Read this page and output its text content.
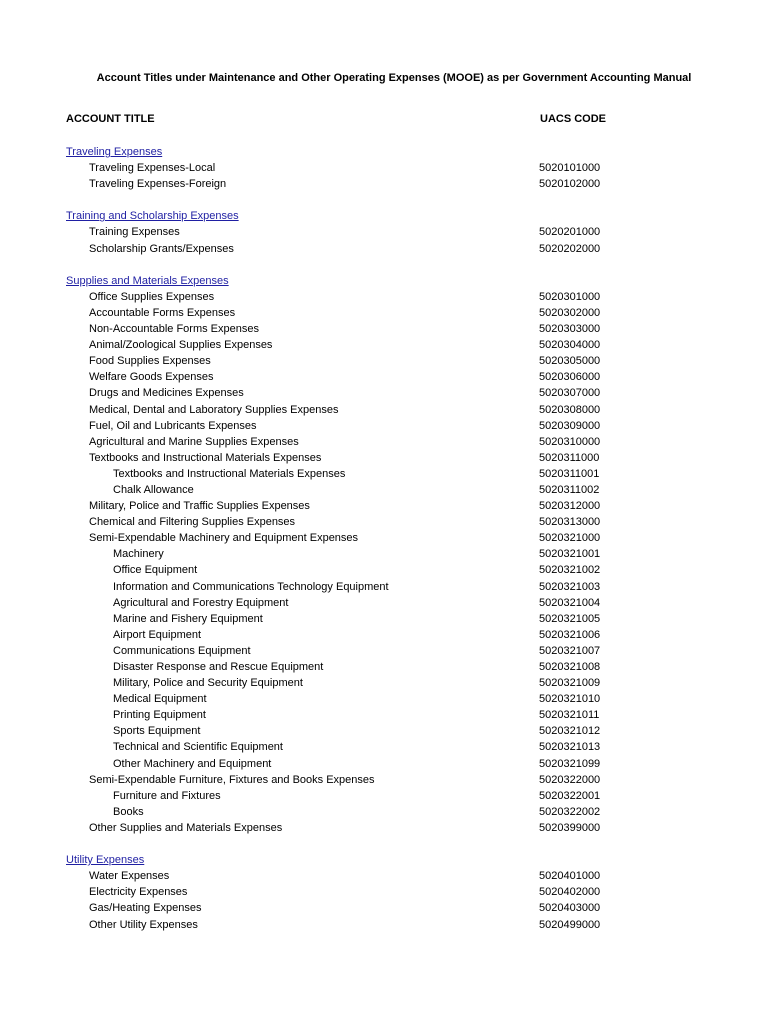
Account Titles under Maintenance and Other Operating Expenses (MOOE) as per Government Accounting Manual
ACCOUNT TITLE	UACS CODE
Traveling Expenses
Traveling Expenses-Local	5020101000
Traveling Expenses-Foreign	5020102000
Training and Scholarship Expenses
Training Expenses	5020201000
Scholarship Grants/Expenses	5020202000
Supplies and Materials Expenses
Office Supplies Expenses	5020301000
Accountable Forms Expenses	5020302000
Non-Accountable Forms Expenses	5020303000
Animal/Zoological Supplies Expenses	5020304000
Food Supplies Expenses	5020305000
Welfare Goods Expenses	5020306000
Drugs and Medicines Expenses	5020307000
Medical, Dental and Laboratory Supplies Expenses	5020308000
Fuel, Oil and Lubricants Expenses	5020309000
Agricultural and Marine Supplies Expenses	5020310000
Textbooks and Instructional Materials Expenses	5020311000
Textbooks and Instructional Materials Expenses	5020311001
Chalk Allowance	5020311002
Military, Police and Traffic Supplies Expenses	5020312000
Chemical and Filtering Supplies Expenses	5020313000
Semi-Expendable Machinery and Equipment Expenses	5020321000
Machinery	5020321001
Office Equipment	5020321002
Information and Communications Technology Equipment	5020321003
Agricultural and Forestry Equipment	5020321004
Marine and Fishery Equipment	5020321005
Airport Equipment	5020321006
Communications Equipment	5020321007
Disaster Response and Rescue Equipment	5020321008
Military, Police and Security Equipment	5020321009
Medical Equipment	5020321010
Printing Equipment	5020321011
Sports Equipment	5020321012
Technical and Scientific Equipment	5020321013
Other Machinery and Equipment	5020321099
Semi-Expendable Furniture, Fixtures and Books Expenses	5020322000
Furniture and Fixtures	5020322001
Books	5020322002
Other Supplies and Materials Expenses	5020399000
Utility Expenses
Water Expenses	5020401000
Electricity Expenses	5020402000
Gas/Heating Expenses	5020403000
Other Utility Expenses	5020499000
